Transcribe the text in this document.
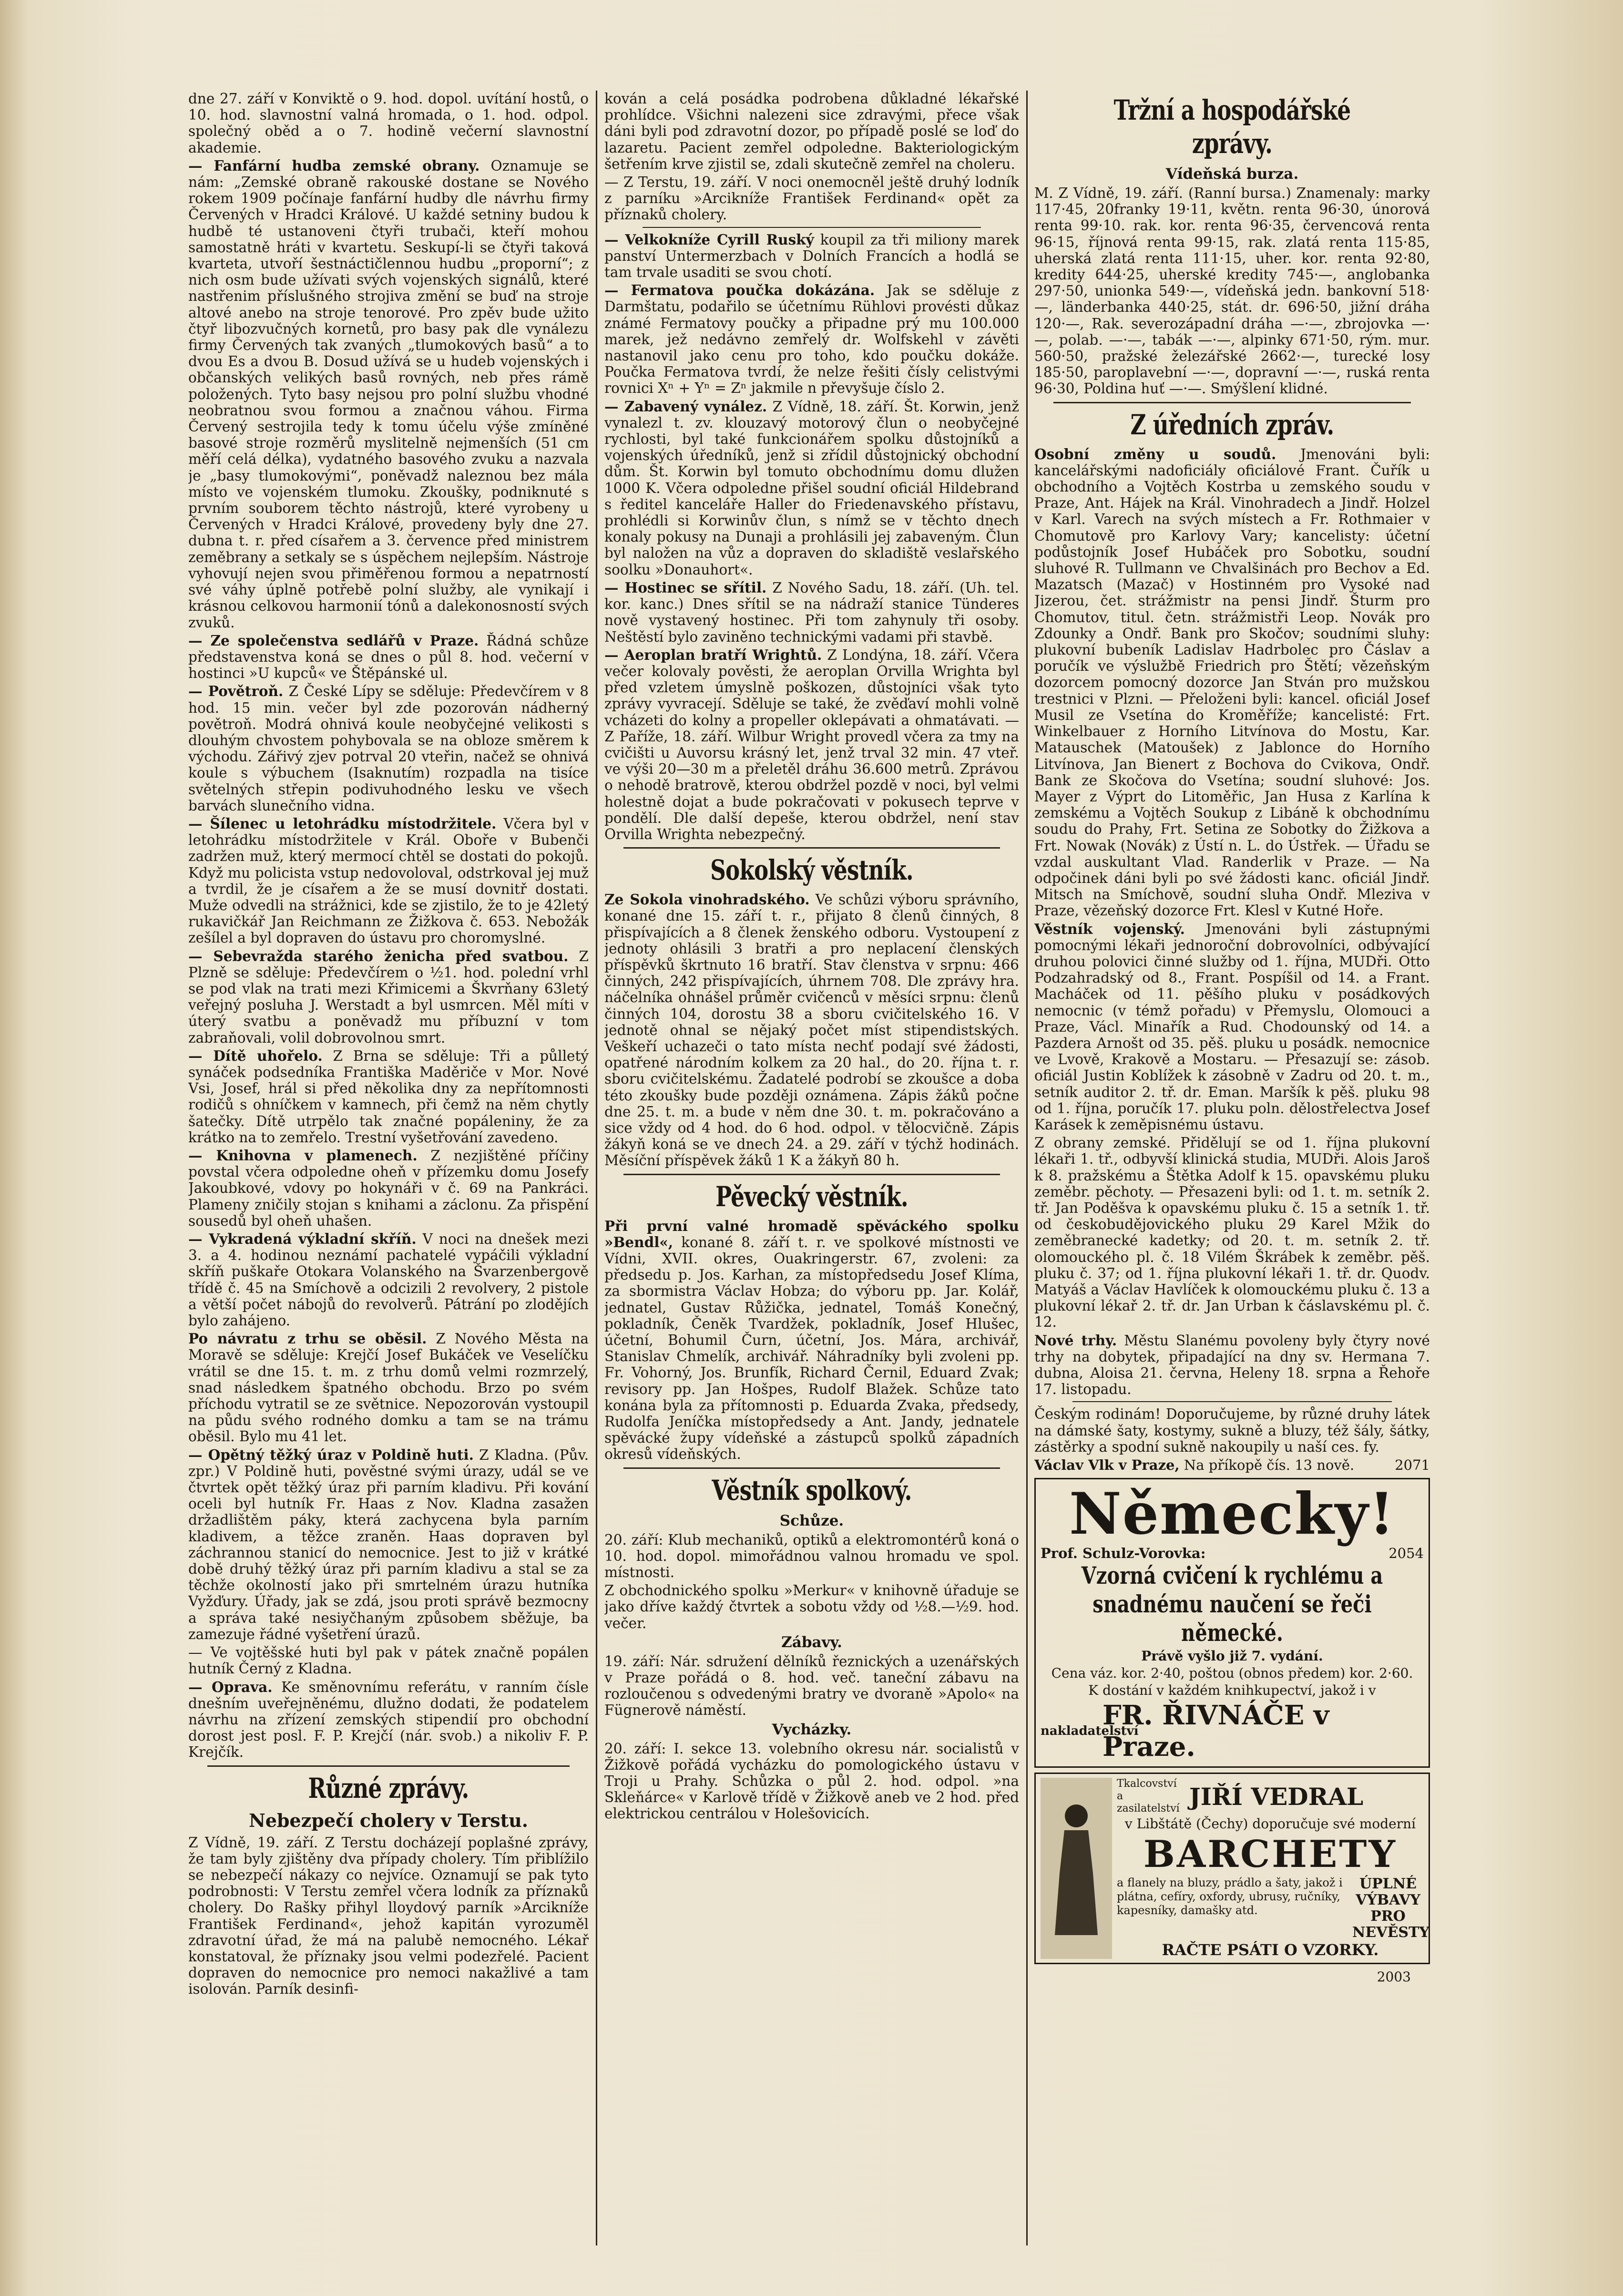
dne 27. září v Konviktě o 9. hod. dopol. uvítání hostů, o 10. hod. slavnostní valná hromada, o 1. hod. odpol. společný oběd a o 7. hodině večerní slavnostní akademie.

— Fanfární hudba zemské obrany. Oznamuje se nám: „Zemské obraně rakouské dostane se Nového rokem 1909 počínaje fanfární hudby dle návrhu firmy Červených v Hradci Králové. U každé setniny budou k hudbě té ustanoveni čtyři trubači, kteří mohou samostatně hráti v kvartetu. Seskupí-li se čtyři taková kvarteta, utvoří šestnáctičlennou hudbu „proporní“; z nich osm bude užívati svých vojenských signálů, které nastřenim příslušného strojiva změní se buď na stroje altové anebo na stroje tenorové. Pro zpěv bude užito čtyř libozvučných kornetů, pro basy pak dle vynálezu firmy Červených tak zvaných „tlumokových basů“ a to dvou Es a dvou B. Dosud užívá se u hudeb vojenských i občanských velikých basů rovných, neb přes rámě položených. Tyto basy nejsou pro polní službu vhodné neobratnou svou formou a značnou váhou. Firma Červený sestrojila tedy k tomu účelu výše zmíněné basové stroje rozměrů myslitelně nejmenších (51 cm měří celá délka), vydatného basového zvuku a nazvala je „basy tlumokovými“, poněvadž naleznou bez mála místo ve vojenském tlumoku. Zkoušky, podniknuté s prvním souborem těchto nástrojů, které vyrobeny u Červených v Hradci Králové, provedeny byly dne 27. dubna t. r. před císařem a 3. července před ministrem zeměbrany a setkaly se s úspěchem nejlepším. Nástroje vyhovují nejen svou přiměřenou formou a nepatrností své váhy úplně potřebě polní služby, ale vynikají i krásnou celkovou harmonií tónů a dalekonosností svých zvuků.

— Ze společenstva sedlářů v Praze. Řádná schůze představenstva koná se dnes o půl 8. hod. večerní v hostinci »U kupců« ve Štěpánské ul.

— Povětroň. Z České Lípy se sděluje: Předevčírem v 8 hod. 15 min. večer byl zde pozorován nádherný povětroň. Modrá ohnivá koule neobyčejné velikosti s dlouhým chvostem pohybovala se na obloze směrem k východu. Zářivý zjev potrval 20 vteřin, načež se ohnivá koule s výbuchem (Isaknutím) rozpadla na tisíce světelných střepin podivuhodného lesku ve všech barvách slunečního vidna.

— Šílenec u letohrádku místodržitele. Včera byl v letohrádku místodržitele v Král. Oboře v Bubenči zadržen muž, který mermocí chtěl se dostati do pokojů. Když mu policista vstup nedovoloval, odstrkoval jej muž a tvrdil, že je císařem a že se musí dovnitř dostati. Muže odvedli na strážnici, kde se zjistilo, že to je 42letý rukavičkář Jan Reichmann ze Žižkova č. 653. Nebožák zešílel a byl dopraven do ústavu pro choromyslné.

— Sebevražda starého ženicha před svatbou. Z Plzně se sděluje: Předevčírem o ½1. hod. polední vrhl se pod vlak na trati mezi Křimicemi a Škvrňany 63letý veřejný posluha J. Werstadt a byl usmrcen. Měl míti v úterý svatbu a poněvadž mu příbuzní v tom zabraňovali, volil dobrovolnou smrt.

— Dítě uhořelo. Z Brna se sděluje: Tři a půlletý synáček podsedníka Františka Maděriče v Mor. Nové Vsi, Josef, hrál si před několika dny za nepřítomnosti rodičů s ohníčkem v kamnech, při čemž na něm chytly šatečky. Dítě utrpělo tak značné popáleniny, že za krátko na to zemřelo. Trestní vyšetřování zavedeno.

— Knihovna v plamenech. Z nezjištěné příčiny povstal včera odpoledne oheň v přízemku domu Josefy Jakoubkové, vdovy po hokynáři v č. 69 na Pankráci. Plameny zničily stojan s knihami a záclonu. Za přispění sousedů byl oheň uhašen.

— Vykradená výkladní skříň. V noci na dnešek mezi 3. a 4. hodinou neznámí pachatelé vypáčili výkladní skříň puškaře Otokara Volanského na Švarzenbergově třídě č. 45 na Smíchově a odcizili 2 revolvery, 2 pistole a větší počet nábojů do revolverů. Pátrání po zlodějích bylo zahájeno.

Po návratu z trhu se oběsil. Z Nového Města na Moravě se sděluje: Krejčí Josef Bukáček ve Veselíčku vrátil se dne 15. t. m. z trhu domů velmi rozmrzelý, snad následkem špatného obchodu. Brzo po svém příchodu vytratil se ze světnice. Nepozorován vystoupil na půdu svého rodného domku a tam se na trámu oběsil. Bylo mu 41 let.

— Opětný těžký úraz v Poldině huti. Z Kladna. (Pův. zpr.) V Poldině huti, pověstné svými úrazy, udál se ve čtvrtek opět těžký úraz při parním kladivu. Při kování oceli byl hutník Fr. Haas z Nov. Kladna zasažen držadlištěm páky, která zachycena byla parním kladivem, a těžce zraněn. Haas dopraven byl záchrannou stanicí do nemocnice. Jest to již v krátké době druhý těžký úraz při parním kladivu a stal se za těchže okolností jako při smrtelném úrazu hutníka Vyžďury. Úřady, jak se zdá, jsou proti správě bezmocny a správa také nesiyčhaným způsobem sběžuje, ba zamezuje řádné vyšetření úrazů.

— Ve vojtěšské huti byl pak v pátek značně popálen hutník Černý z Kladna.

— Oprava. Ke směnovnímu referátu, v ranním čísle dnešním uveřejněnému, dlužno dodati, že podatelem návrhu na zřízení zemských stipendií pro obchodní dorost jest posl. F. P. Krejčí (nár. svob.) a nikoliv F. P. Krejčík.

Různé zprávy.
Nebezpečí cholery v Terstu.

Z Vídně, 19. září. Z Terstu docházejí poplašné zprávy, že tam byly zjištěny dva případy cholery. Tím přiblížilo se nebezpečí nákazy co nejvíce. Oznamují se pak tyto podrobnosti: V Terstu zemřel včera lodník za příznaků cholery. Do Rašky přihyl lloydový parník »Arcikníže František Ferdinand«, jehož kapitán vyrozuměl zdravotní úřad, že má na palubě nemocného. Lékař konstatoval, že příznaky jsou velmi podezřelé. Pacient dopraven do nemocnice pro nemoci nakažlivé a tam isolován. Parník desinfi-

kován a celá posádka podrobena důkladné lékařské prohlídce. Všichni nalezeni sice zdravými, přece však dáni byli pod zdravotní dozor, po případě poslé se loď do lazaretu. Pacient zemřel odpoledne. Bakteriologickým šetřením krve zjistil se, zdali skutečně zemřel na choleru.

— Z Terstu, 19. září. V noci onemocněl ještě druhý lodník z parníku »Arcikníže František Ferdinand« opět za příznaků cholery.

— Velkokníže Cyrill Ruský koupil za tři miliony marek panství Untermerzbach v Dolních Francích a hodlá se tam trvale usaditi se svou chotí.

— Fermatova poučka dokázána. Jak se sděluje z Darmštatu, podařilo se účetnímu Rühlovi provésti důkaz známé Fermatovy poučky a připadne prý mu 100.000 marek, jež nedávno zemřelý dr. Wolfskehl v závěti nastanovil jako cenu pro toho, kdo poučku dokáže. Poučka Fermatova tvrdí, že nelze řešiti čísly celistvými rovnici Xⁿ + Yⁿ = Zⁿ jakmile n převyšuje číslo 2.

— Zabavený vynález. Z Vídně, 18. září. Št. Korwin, jenž vynalezl t. zv. klouzavý motorový člun o neobyčejné rychlosti, byl také funkcionářem spolku důstojníků a vojenských úředníků, jenž si zřídil důstojnický obchodní dům. Št. Korwin byl tomuto obchodnímu domu dlužen 1000 K. Včera odpoledne přišel soudní oficiál Hildebrand s ředitel kanceláře Haller do Friedenavského přístavu, prohlédli si Korwinův člun, s nímž se v těchto dnech konaly pokusy na Dunaji a prohlásili jej zabaveným. Člun byl naložen na vůz a dopraven do skladiště veslařského soolku »Donauhort«.

— Hostinec se sřítil. Z Nového Sadu, 18. září. (Uh. tel. kor. kanc.) Dnes sřítil se na nádraží stanice Tünderes nově vystavený hostinec. Při tom zahynuly tři osoby. Neštěstí bylo zaviněno technickými vadami při stavbě.

— Aeroplan bratří Wrightů. Z Londýna, 18. září. Včera večer kolovaly pověsti, že aeroplan Orvilla Wrighta byl před vzletem úmyslně poškozen, důstojníci však tyto zprávy vyvracejí. Sděluje se také, že zvěďaví mohli volně vcházeti do kolny a propeller oklepávati a ohmatávati. — Z Paříže, 18. září. Wilbur Wright provedl včera za tmy na cvičišti u Auvorsu krásný let, jenž trval 32 min. 47 vteř. ve výši 20—30 m a přeletěl dráhu 36.600 metrů. Zprávou o nehodě bratrově, kterou obdržel pozdě v noci, byl velmi holestně dojat a bude pokračovati v pokusech teprve v pondělí. Dle další depeše, kterou obdržel, není stav Orvilla Wrighta nebezpečný.

Sokolský věstník.

Ze Sokola vinohradského. Ve schůzi výboru správního, konané dne 15. září t. r., přijato 8 členů činných, 8 přispívajících a 8 členek ženského odboru. Vystoupení z jednoty ohlásili 3 bratři a pro neplacení členských příspěvků škrtnuto 16 bratří. Stav členstva v srpnu: 466 činných, 242 přispívajících, úhrnem 708. Dle zprávy hra. náčelníka ohnášel průměr cvičenců v měsíci srpnu: členů činných 104, dorostu 38 a sboru cvičitelského 16. V jednotě ohnal se nějaký počet míst stipendistských. Veškeří uchazeči o tato místa nechť podají své žádosti, opatřené národním kolkem za 20 hal., do 20. října t. r. sboru cvičitelskému. Žadatelé podrobí se zkoušce a doba této zkoušky bude později oznámena. Zápis žáků počne dne 25. t. m. a bude v něm dne 30. t. m. pokračováno a sice vždy od 4 hod. do 6 hod. odpol. v tělocvičně. Zápis žákyň koná se ve dnech 24. a 29. září v týchž hodinách. Měsíční příspěvek žáků 1 K a žákyň 80 h.

Pěvecký věstník.

Při první valné hromadě spěváckého spolku »Bendl«, konané 8. září t. r. ve spolkové místnosti ve Vídni, XVII. okres, Ouakringerstr. 67, zvoleni: za předsedu p. Jos. Karhan, za místopředsedu Josef Klíma, za sbormistra Václav Hobza; do výboru pp. Jar. Kolář, jednatel, Gustav Růžička, jednatel, Tomáš Konečný, pokladník, Čeněk Tvardžek, pokladník, Josef Hlušec, účetní, Bohumil Čurn, účetní, Jos. Mára, archivář, Stanislav Chmelík, archivář. Náhradníky byli zvoleni pp. Fr. Vohorný, Jos. Brunfík, Richard Černil, Eduard Zvak; revisory pp. Jan Hošpes, Rudolf Blažek. Schůze tato konána byla za přítomnosti p. Eduarda Zvaka, předsedy, Rudolfa Jeníčka místopředsedy a Ant. Jandy, jednatele spěvácké župy vídeňské a zástupců spolků západních okresů vídeňských.

Věstník spolkový.
Schůze.

20. září: Klub mechaniků, optiků a elektromontérů koná o 10. hod. dopol. mimořádnou valnou hromadu ve spol. místnosti.

Z obchodnického spolku »Merkur« v knihovně úřaduje se jako dříve každý čtvrtek a sobotu vždy od ½8.—½9. hod. večer.

Zábavy.

19. září: Nár. sdružení dělníků řeznických a uzenářských v Praze pořádá o 8. hod. več. taneční zábavu na rozloučenou s odvedenými bratry ve dvoraně »Apolo« na Fügnerově náměstí.

Vycházky.

20. září: I. sekce 13. volebního okresu nár. socialistů v Žižkově pořádá vycházku do pomologického ústavu v Troji u Prahy. Schůzka o půl 2. hod. odpol. »na Skleňárce« v Karlově třídě v Žižkově aneb ve 2 hod. před elektrickou centrálou v Holešovicích.

Tržní a hospodářské zprávy.
Vídeňská burza.

M. Z Vídně, 19. září. (Ranní bursa.) Znamenaly: marky 117·45, 20franky 19·11, květn. renta 96·30, únorová renta 99·10. rak. kor. renta 96·35, červencová renta 96·15, říjnová renta 99·15, rak. zlatá renta 115·85, uherská zlatá renta 111·15, uher. kor. renta 92·80, kredity 644·25, uherské kredity 745·—, anglobanka 297·50, unionka 549·—, vídeňská jedn. bankovní 518·—, länderbanka 440·25, stát. dr. 696·50, jižní dráha 120·—, Rak. severozápadní dráha —·—, zbrojovka —·—, polab. —·—, tabák —·—, alpinky 671·50, rým. mur. 560·50, pražské železářské 2662·—, turecké losy 185·50, paroplavební —·—, dopravní —·—, ruská renta 96·30, Poldina huť —·—. Smýšlení klidné.

Z úředních zpráv.

Osobní změny u soudů. Jmenováni byli: kancelářskými nadoficiály oficiálové Frant. Čuřík u obchodního a Vojtěch Kostrba u zemského soudu v Praze, Ant. Hájek na Král. Vinohradech a Jindř. Holzel v Karl. Varech na svých místech a Fr. Rothmaier v Chomutově pro Karlovy Vary; kancelisty: účetní podůstojník Josef Hubáček pro Sobotku, soudní sluhové R. Tullmann ve Chvalšinách pro Bechov a Ed. Mazatsch (Mazač) v Hostinném pro Vysoké nad Jizerou, čet. strážmistr na pensi Jindř. Šturm pro Chomutov, titul. četn. strážmistři Leop. Novák pro Zdounky a Ondř. Bank pro Skočov; soudními sluhy: plukovní bubeník Ladislav Hadrbolec pro Čáslav a poručík ve výslužbě Friedrich pro Štětí; vězeňským dozorcem pomocný dozorce Jan Stván pro mužskou trestnici v Plzni. — Přeloženi byli: kancel. oficiál Josef Musil ze Vsetína do Kroměříže; kancelisté: Frt. Winkelbauer z Horního Litvínova do Mostu, Kar. Matauschek (Matoušek) z Jablonce do Horního Litvínova, Jan Bienert z Bochova do Cvikova, Ondř. Bank ze Skočova do Vsetína; soudní sluhové: Jos. Mayer z Výprt do Litoměřic, Jan Husa z Karlína k zemskému a Vojtěch Soukup z Libáně k obchodnímu soudu do Prahy, Frt. Setina ze Sobotky do Žižkova a Frt. Nowak (Novák) z Ústí n. L. do Ústřek. — Úřadu se vzdal auskultant Vlad. Randerlik v Praze. — Na odpočinek dáni byli po své žádosti kanc. oficiál Jindř. Mitsch na Smíchově, soudní sluha Ondř. Mleziva v Praze, vězeňský dozorce Frt. Klesl v Kutné Hoře.

Věstník vojenský. Jmenováni byli zástupnými pomocnými lékaři jednoroční dobrovolníci, odbývající druhou polovici činné služby od 1. října, MUDři. Otto Podzahradský od 8., Frant. Pospíšil od 14. a Frant. Macháček od 11. pěšího pluku v posádkových nemocnic (v témž pořadu) v Přemyslu, Olomouci a Praze, Václ. Minařík a Rud. Chodounský od 14. a Pazdera Arnošt od 35. pěš. pluku u posádk. nemocnice ve Lvově, Krakově a Mostaru. — Přesazují se: zásob. oficiál Justin Koblížek k zásobně v Zadru od 20. t. m., setník auditor 2. tř. dr. Eman. Maršík k pěš. pluku 98 od 1. října, poručík 17. pluku poln. dělostřelectva Josef Karásek k zeměpisnému ústavu.

Z obrany zemské. Přidělují se od 1. října plukovní lékaři 1. tř., odbyvší klinická studia, MUDři. Alois Jaroš k 8. pražskému a Štětka Adolf k 15. opavskému pluku zeměbr. pěchoty. — Přesazeni byli: od 1. t. m. setník 2. tř. Jan Poděšva k opavskému pluku č. 15 a setník 1. tř. od českobudějovického pluku 29 Karel Mžik do zeměbranecké kadetky; od 20. t. m. setník 2. tř. olomouckého pl. č. 18 Vilém Škrábek k zeměbr. pěš. pluku č. 37; od 1. října plukovní lékaři 1. tř. dr. Quodv. Matyáš a Václav Havlíček k olomouckému pluku č. 13 a plukovní lékař 2. tř. dr. Jan Urban k čáslavskému pl. č. 12.

Nové trhy. Městu Slanému povoleny byly čtyry nové trhy na dobytek, připadající na dny sv. Hermana 7. dubna, Aloisa 21. června, Heleny 18. srpna a Řehoře 17. listopadu.

Českým rodinám! Doporučujeme, by různé druhy látek na dámské šaty, kostymy, sukně a bluzy, též šály, šátky, zástěrky a spodní sukně nakoupily u naší ces. fy.

Václav Vlk v Praze, Na příkopě čís. 13 nově.	2071
Německy!
Prof. Schulz-Vorovka:	2054
Vzorná cvičení k rychlému a snadnému naučení se řeči německé.
Právě vyšlo již 7. vydání.
Cena váz. kor. 2·40, poštou (obnos předem) kor. 2·60.
K dostání v každém knihkupectví, jakož i v
nakladatelství
FR. ŘIVNÁČE v Praze.
Tkalcovství a zasilatelství JIŘÍ VEDRAL
v Libštátě (Čechy) doporučuje své moderní
BARCHETY
a flanely na bluzy, prádlo a šaty, jakož i plátna, cefíry, oxfordy, ubrusy, ručníky, kapesníky, damašky atd.
ÚPLNÉ VÝBAVY PRO NEVĚSTY
RAČTE PSÁTI O VZORKY.
2003
